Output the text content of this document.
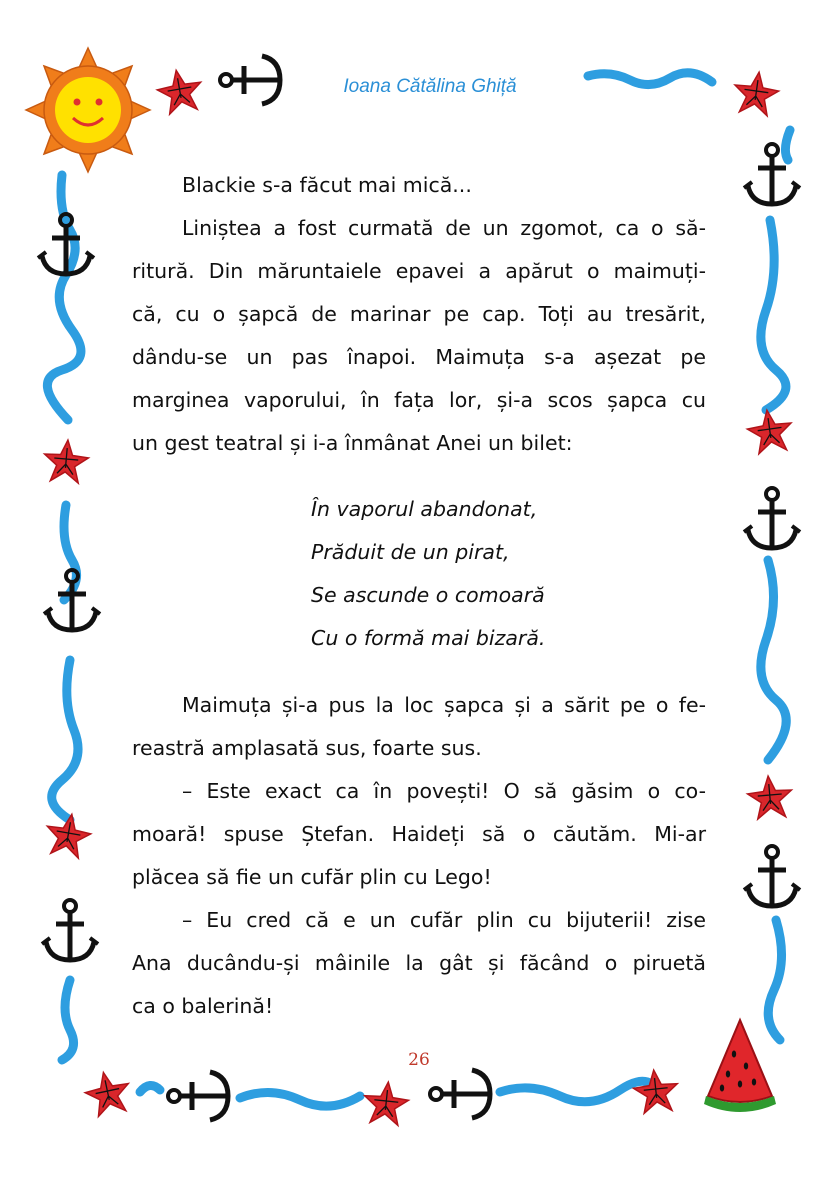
Ioana Cătălina Ghiță

Blackie s-a făcut mai mică...

Liniștea a fost curmată de un zgomot, ca o să-
ritură. Din măruntaiele epavei a apărut o maimuți-
că, cu o șapcă de marinar pe cap. Toți au tresărit,
dându-se un pas înapoi. Maimuța s-a așezat pe
marginea vaporului, în fața lor, și-a scos șapca cu
un gest teatral și i-a înmânat Anei un bilet:

În vaporul abandonat,
Prăduit de un pirat,
Se ascunde o comoară
Cu o formă mai bizară.

Maimuța și-a pus la loc șapca și a sărit pe o fe-
reastră amplasată sus, foarte sus.

– Este exact ca în povești! O să găsim o co-
moară! spuse Ștefan. Haideți să o căutăm. Mi-ar
plăcea să fie un cufăr plin cu Lego!

– Eu cred că e un cufăr plin cu bijuterii! zise
Ana ducându-și mâinile la gât și făcând o piruetă
ca o balerină!

26
